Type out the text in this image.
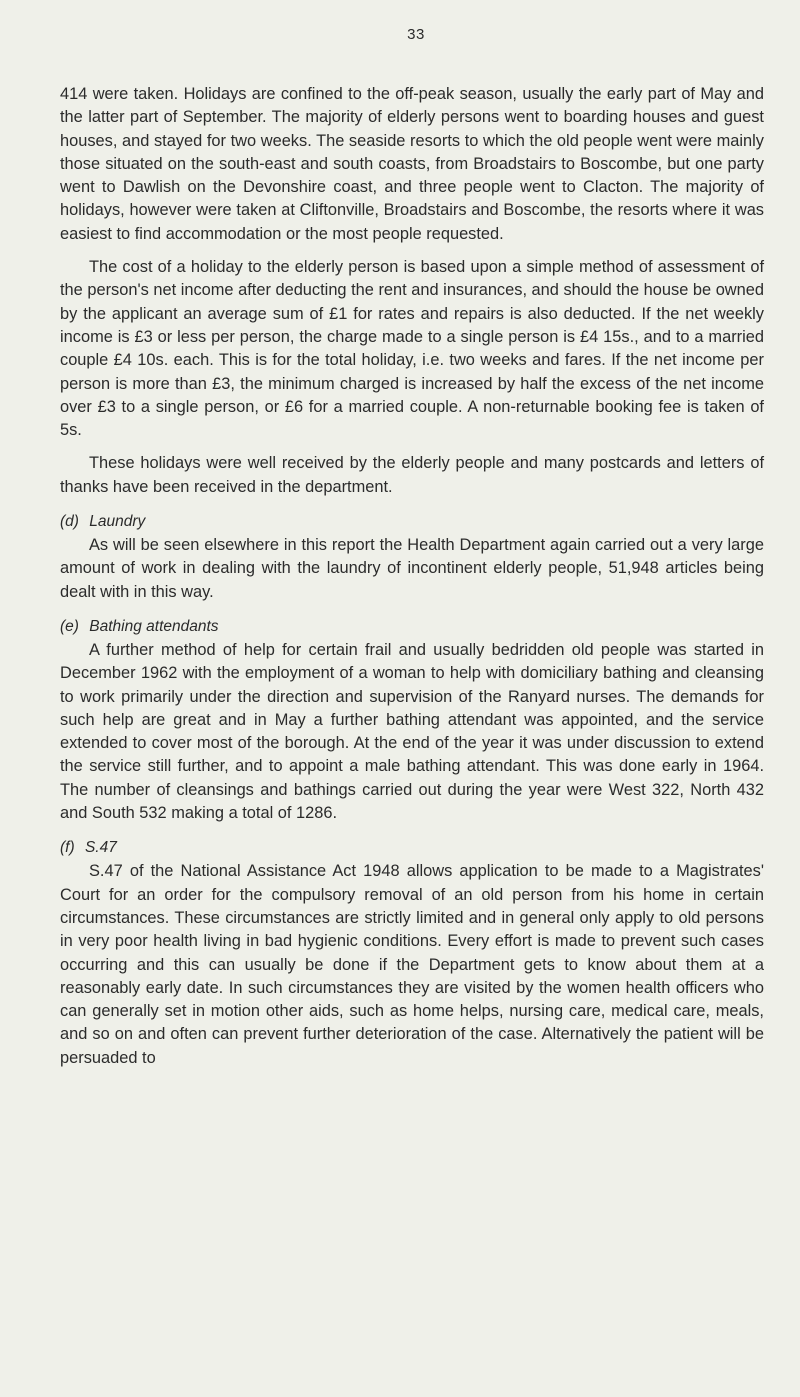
33

414 were taken. Holidays are confined to the off-peak season, usually the early part of May and the latter part of September. The majority of elderly persons went to boarding houses and guest houses, and stayed for two weeks. The seaside resorts to which the old people went were mainly those situated on the south-east and south coasts, from Broadstairs to Boscombe, but one party went to Dawlish on the Devonshire coast, and three people went to Clacton. The majority of holidays, however were taken at Cliftonville, Broadstairs and Boscombe, the resorts where it was easiest to find accommodation or the most people requested.

The cost of a holiday to the elderly person is based upon a simple method of assessment of the person's net income after deducting the rent and insurances, and should the house be owned by the applicant an average sum of £1 for rates and repairs is also deducted. If the net weekly income is £3 or less per person, the charge made to a single person is £4 15s., and to a married couple £4 10s. each. This is for the total holiday, i.e. two weeks and fares. If the net income per person is more than £3, the minimum charged is increased by half the excess of the net income over £3 to a single person, or £6 for a married couple. A non-returnable booking fee is taken of 5s.

These holidays were well received by the elderly people and many postcards and letters of thanks have been received in the department.

(d) Laundry

As will be seen elsewhere in this report the Health Department again carried out a very large amount of work in dealing with the laundry of incontinent elderly people, 51,948 articles being dealt with in this way.

(e) Bathing attendants

A further method of help for certain frail and usually bedridden old people was started in December 1962 with the employment of a woman to help with domiciliary bathing and cleansing to work primarily under the direction and supervision of the Ranyard nurses. The demands for such help are great and in May a further bathing attendant was appointed, and the service extended to cover most of the borough. At the end of the year it was under discussion to extend the service still further, and to appoint a male bathing attendant. This was done early in 1964. The number of cleansings and bathings carried out during the year were West 322, North 432 and South 532 making a total of 1286.

(f) S.47

S.47 of the National Assistance Act 1948 allows application to be made to a Magistrates' Court for an order for the compulsory removal of an old person from his home in certain circumstances. These circumstances are strictly limited and in general only apply to old persons in very poor health living in bad hygienic conditions. Every effort is made to prevent such cases occurring and this can usually be done if the Department gets to know about them at a reasonably early date. In such circumstances they are visited by the women health officers who can generally set in motion other aids, such as home helps, nursing care, medical care, meals, and so on and often can prevent further deterioration of the case. Alternatively the patient will be persuaded to
